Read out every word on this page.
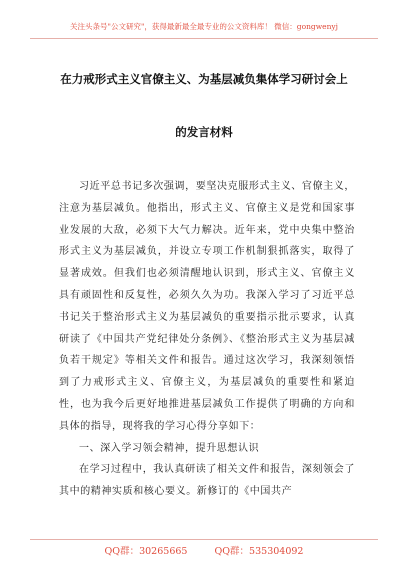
关注头条号"公文研究"，获得最新最全最专业的公文资料库！ 微信：gongwenyj
在力戒形式主义官僚主义、为基层减负集体学习研讨会上
的发言材料

习近平总书记多次强调，要坚决克服形式主义、官僚主义，注意为基层减负。他指出，形式主义、官僚主义是党和国家事业发展的大敌，必须下大气力解决。近年来，党中央集中整治形式主义为基层减负，并设立专项工作机制狠抓落实，取得了显著成效。但我们也必须清醒地认识到，形式主义、官僚主义具有顽固性和反复性，必须久久为功。我深入学习了习近平总书记关于整治形式主义为基层减负的重要指示批示要求，认真研读了《中国共产党纪律处分条例》、《整治形式主义为基层减负若干规定》等相关文件和报告。通过这次学习，我深刻领悟到了力戒形式主义、官僚主义，为基层减负的重要性和紧迫性，也为我今后更好地推进基层减负工作提供了明确的方向和具体的指导，现将我的学习心得分享如下：

一、深入学习领会精神，提升思想认识

在学习过程中，我认真研读了相关文件和报告，深刻领会了其中的精神实质和核心要义。新修订的《中国共产

QQ群：30265665	QQ群：535304092
